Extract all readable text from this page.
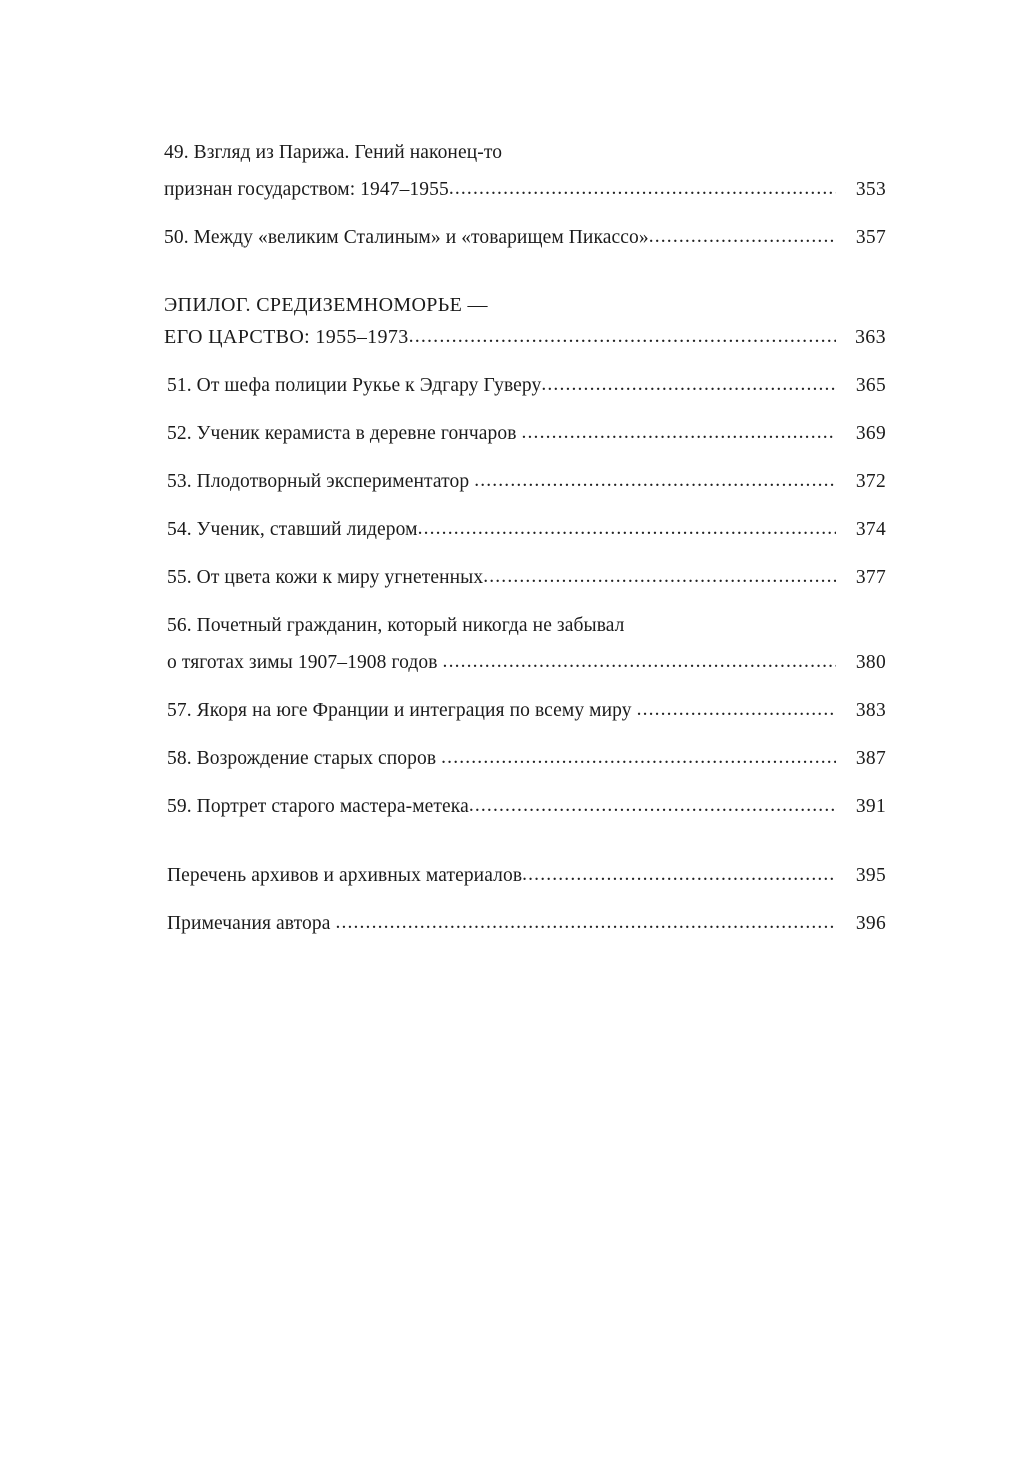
49. Взгляд из Парижа. Гений наконец-то
признан государством: 1947–1955 .....	353
50. Между «великим Сталиным» и «товарищем Пикассо» .....	357
ЭПИЛОГ. СРЕДИЗЕМНОМОРЬЕ —
ЕГО ЦАРСТВО: 1955–1973 .....	363
51. От шефа полиции Рукье к Эдгару Гуверу .....	365
52. Ученик керамиста в деревне гончаров .....	369
53. Плодотворный экспериментатор .....	372
54. Ученик, ставший лидером .....	374
55. От цвета кожи к миру угнетенных .....	377
56. Почетный гражданин, который никогда не забывал
о тяготах зимы 1907–1908 годов .....	380
57. Якоря на юге Франции и интеграция по всему миру .....	383
58. Возрождение старых споров .....	387
59. Портрет старого мастера-метека .....	391
Перечень архивов и архивных материалов .....	395
Примечания автора .....	396
